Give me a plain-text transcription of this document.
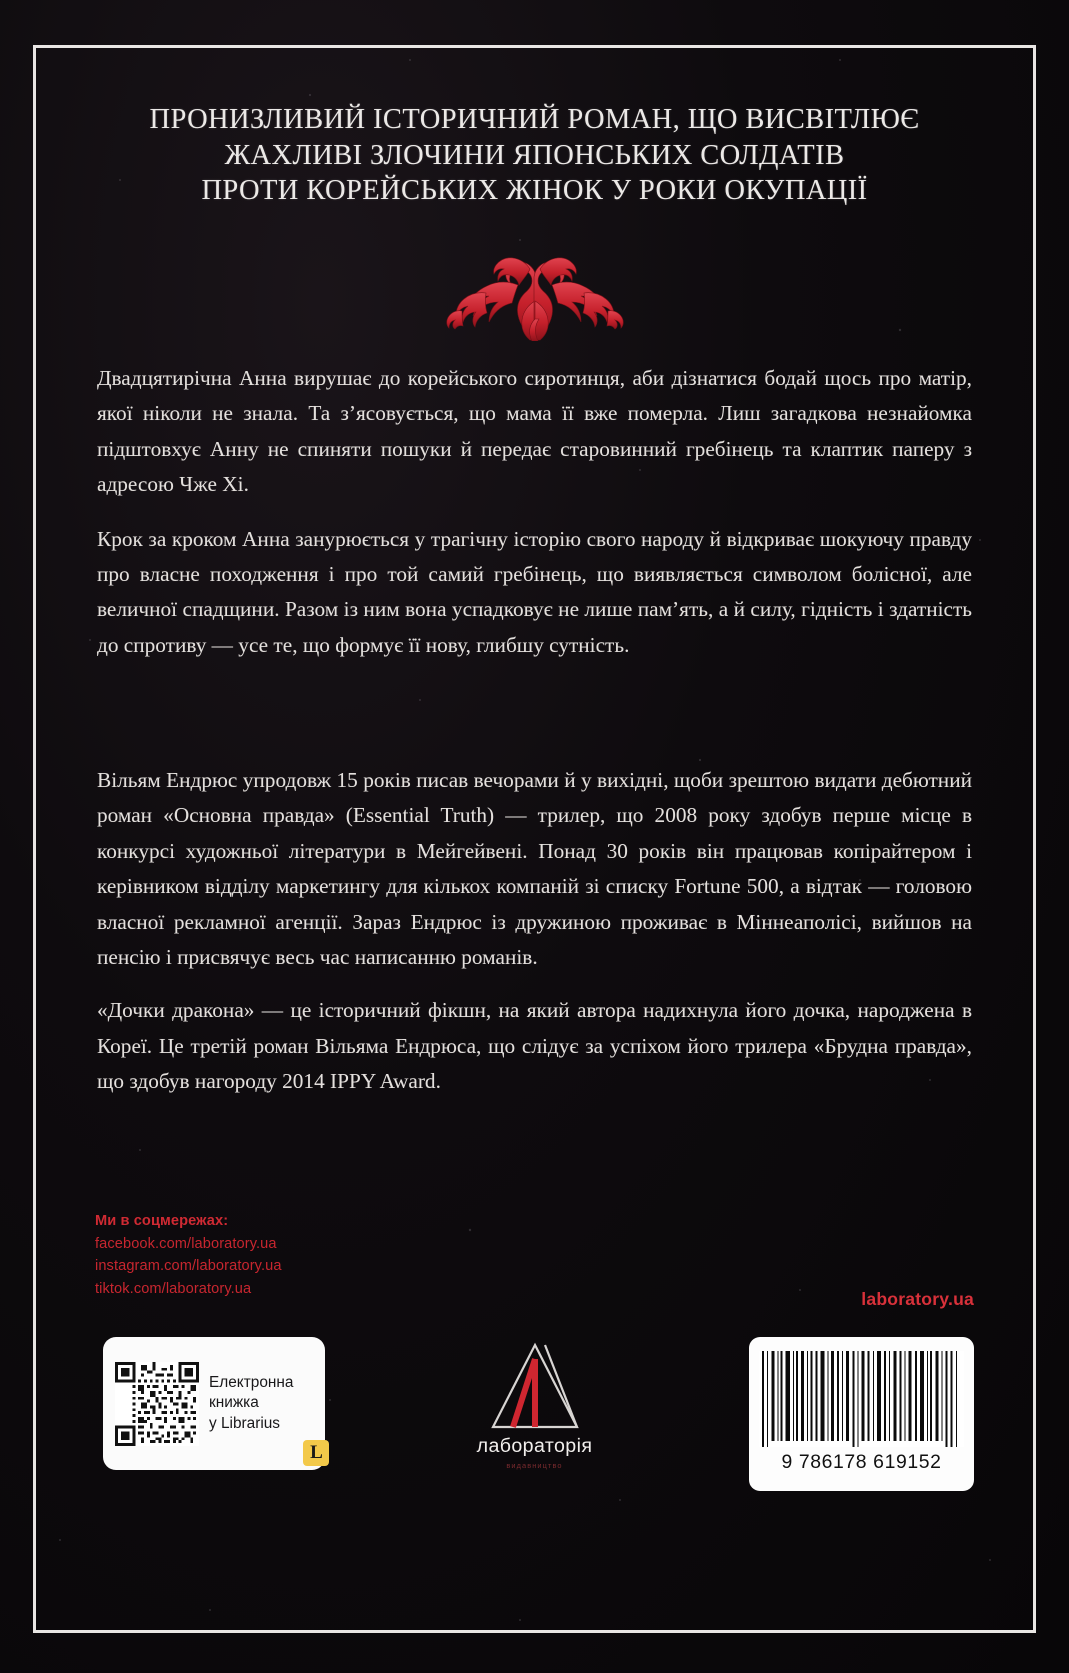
ПРОНИЗЛИВИЙ ІСТОРИЧНИЙ РОМАН, ЩО ВИСВІТЛЮЄ
ЖАХЛИВІ ЗЛОЧИНИ ЯПОНСЬКИХ СОЛДАТІВ
ПРОТИ КОРЕЙСЬКИХ ЖІНОК У РОКИ ОКУПАЦІЇ

Двадцятирічна Анна вирушає до корейського сиротинця, аби дізнатися бодай щось про матір, якої ніколи не знала. Та з’ясовується, що мама її вже померла. Лиш загадкова незнайомка підштовхує Анну не спиняти пошуки й передає старовинний гребінець та клаптик паперу з адресою Чже Хі.

Крок за кроком Анна занурюється у трагічну історію свого народу й відкриває шокуючу правду про власне походження і про той самий гребінець, що виявляється символом болісної, але величної спадщини. Разом із ним вона успадковує не лише пам’ять, а й силу, гідність і здатність до спротиву — усе те, що формує її нову, глибшу сутність.

Вільям Ендрюс упродовж 15 років писав вечорами й у вихідні, щоби зрештою видати дебютний роман «Основна правда» (Essential Truth) — трилер, що 2008 року здобув перше місце в конкурсі художньої літератури в Мейгейвені. Понад 30 років він працював копірайтером і керівником відділу маркетингу для кількох компаній зі списку Fortune 500, а відтак — головою власної рекламної агенції. Зараз Ендрюс із дружиною проживає в Міннеаполісі, вийшов на пенсію і присвячує весь час написанню романів.

«Дочки дракона» — це історичний фікшн, на який автора надихнула його дочка, народжена в Кореї. Це третій роман Вільяма Ендрюса, що слідує за успіхом його трилера «Брудна правда», що здобув нагороду 2014 IPPY Award.

Ми в соцмережах:
facebook.com/laboratory.ua
instagram.com/laboratory.ua
tiktok.com/laboratory.ua
laboratory.ua
Електронна
книжка
у Librarius
L	лабораторія
видавництво	9 786178 619152
